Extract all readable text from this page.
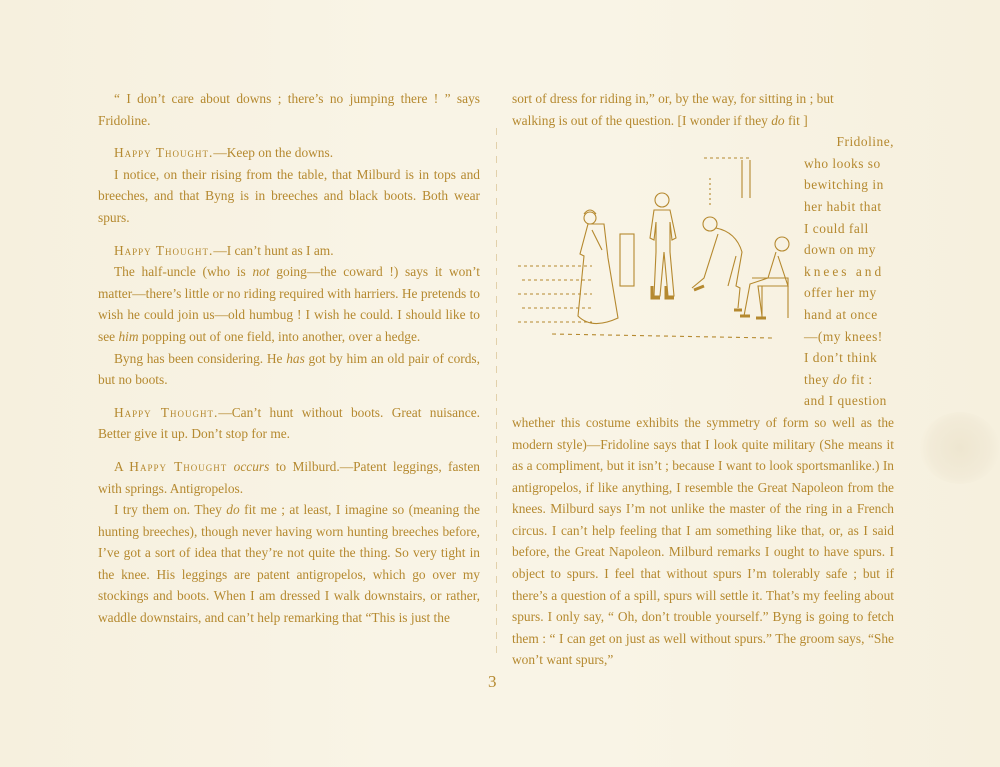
“ I don’t care about downs ; there’s no jumping there ! ” says Fridoline.

Happy Thought.—Keep on the downs.

I notice, on their rising from the table, that Milburd is in tops and breeches, and that Byng is in breeches and black boots. Both wear spurs.

Happy Thought.—I can’t hunt as I am.

The half-uncle (who is not going—the coward !) says it won’t matter—there’s little or no riding required with harriers. He pretends to wish he could join us—old humbug ! I wish he could. I should like to see him popping out of one field, into another, over a hedge.

Byng has been considering. He has got by him an old pair of cords, but no boots.

Happy Thought.—Can’t hunt without boots. Great nuisance. Better give it up. Don’t stop for me.

A Happy Thought occurs to Milburd.—Patent leggings, fasten with springs. Antigropelos.

I try them on. They do fit me ; at least, I imagine so (meaning the hunting breeches), though never having worn hunting breeches before, I’ve got a sort of idea that they’re not quite the thing. So very tight in the knee. His leggings are patent antigropelos, which go over my stockings and boots. When I am dressed I walk downstairs, or rather, waddle downstairs, and can’t help remarking that “This is just the

sort of dress for riding in,” or, by the way, for sitting in ; but

walking is out of the question. [I wonder if they do fit ]

Fridoline,

who looks so

bewitching in

her habit that

I could fall

down on my

knees and

offer her my

hand at once

—(my knees!

I don’t think

they do fit :

and I question

whether this costume exhibits the symmetry of form so well as the modern style)—Fridoline says that I look quite military (She means it as a compliment, but it isn’t ; because I want to look sportsmanlike.) In antigropelos, if like anything, I resemble the Great Napoleon from the knees. Milburd says I’m not unlike the master of the ring in a French circus. I can’t help feeling that I am something like that, or, as I said before, the Great Napoleon. Milburd remarks I ought to have spurs. I object to spurs. I feel that without spurs I’m tolerably safe ; but if there’s a question of a spill, spurs will settle it. That’s my feeling about spurs. I only say, “ Oh, don’t trouble yourself.” Byng is going to fetch them : “ I can get on just as well without spurs.” The groom says, “She won’t want spurs,”

3
